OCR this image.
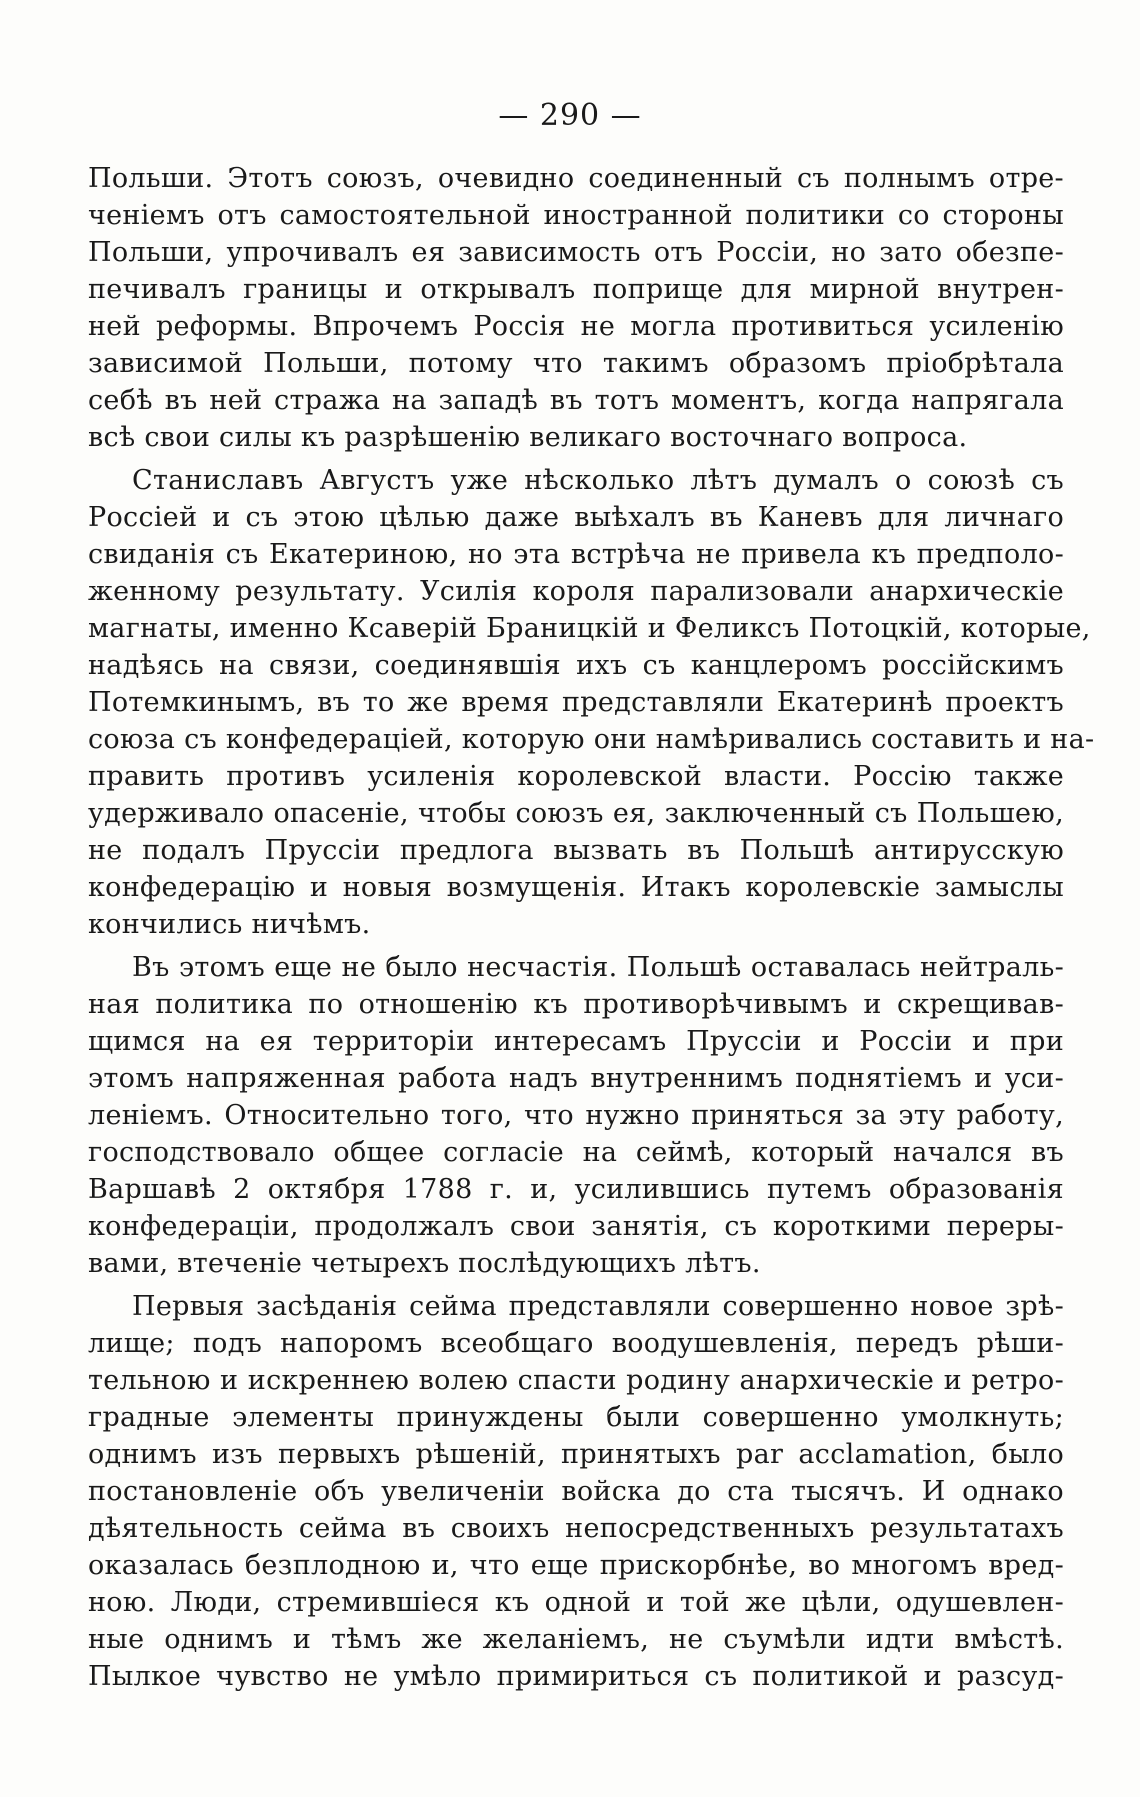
— 290 —
Польши. Этотъ союзъ, очевидно соединенный съ полнымъ отре-
ченіемъ отъ самостоятельной иностранной политики со стороны
Польши, упрочивалъ ея зависимость отъ Россіи, но зато обезпе-
печивалъ границы и открывалъ поприще для мирной внутрен-
ней реформы. Впрочемъ Россія не могла противиться усиленію
зависимой Польши, потому что такимъ образомъ пріобрѣтала
себѣ въ ней стража на западѣ въ тотъ моментъ, когда напрягала
всѣ свои силы къ разрѣшенію великаго восточнаго вопроса.
Станиславъ Августъ уже нѣсколько лѣтъ думалъ о союзѣ съ
Россіей и съ этою цѣлью даже выѣхалъ въ Каневъ для личнаго
свиданія съ Екатериною, но эта встрѣча не привела къ предполо-
женному результату. Усилія короля парализовали анархическіе
магнаты, именно Ксаверій Браницкій и Феликсъ Потоцкій, которые,
надѣясь на связи, соединявшія ихъ съ канцлеромъ россійскимъ
Потемкинымъ, въ то же время представляли Екатеринѣ проектъ
союза съ конфедераціей, которую они намѣривались составить и на-
править противъ усиленія королевской власти. Россію также
удерживало опасеніе, чтобы союзъ ея, заключенный съ Польшею,
не подалъ Пруссіи предлога вызвать въ Польшѣ антирусскую
конфедерацію и новыя возмущенія. Итакъ королевскіе замыслы
кончились ничѣмъ.
Въ этомъ еще не было несчастія. Польшѣ оставалась нейтраль-
ная политика по отношенію къ противорѣчивымъ и скрещивав-
щимся на ея территоріи интересамъ Пруссіи и Россіи и при
этомъ напряженная работа надъ внутреннимъ поднятіемъ и уси-
леніемъ. Относительно того, что нужно приняться за эту работу,
господствовало общее согласіе на сеймѣ, который начался въ
Варшавѣ 2 октября 1788 г. и, усилившись путемъ образованія
конфедераціи, продолжалъ свои занятія, съ короткими переры-
вами, втеченіе четырехъ послѣдующихъ лѣтъ.
Первыя засѣданія сейма представляли совершенно новое зрѣ-
лище; подъ напоромъ всеобщаго воодушевленія, передъ рѣши-
тельною и искреннею волею спасти родину анархическіе и ретро-
градные элементы принуждены были совершенно умолкнуть;
однимъ изъ первыхъ рѣшеній, принятыхъ par acclamation, было
постановленіе объ увеличеніи войска до ста тысячъ. И однако
дѣятельность сейма въ своихъ непосредственныхъ результатахъ
оказалась безплодною и, что еще прискорбнѣе, во многомъ вред-
ною. Люди, стремившіеся къ одной и той же цѣли, одушевлен-
ные однимъ и тѣмъ же желаніемъ, не съумѣли идти вмѣстѣ.
Пылкое чувство не умѣло примириться съ политикой и разсуд-
